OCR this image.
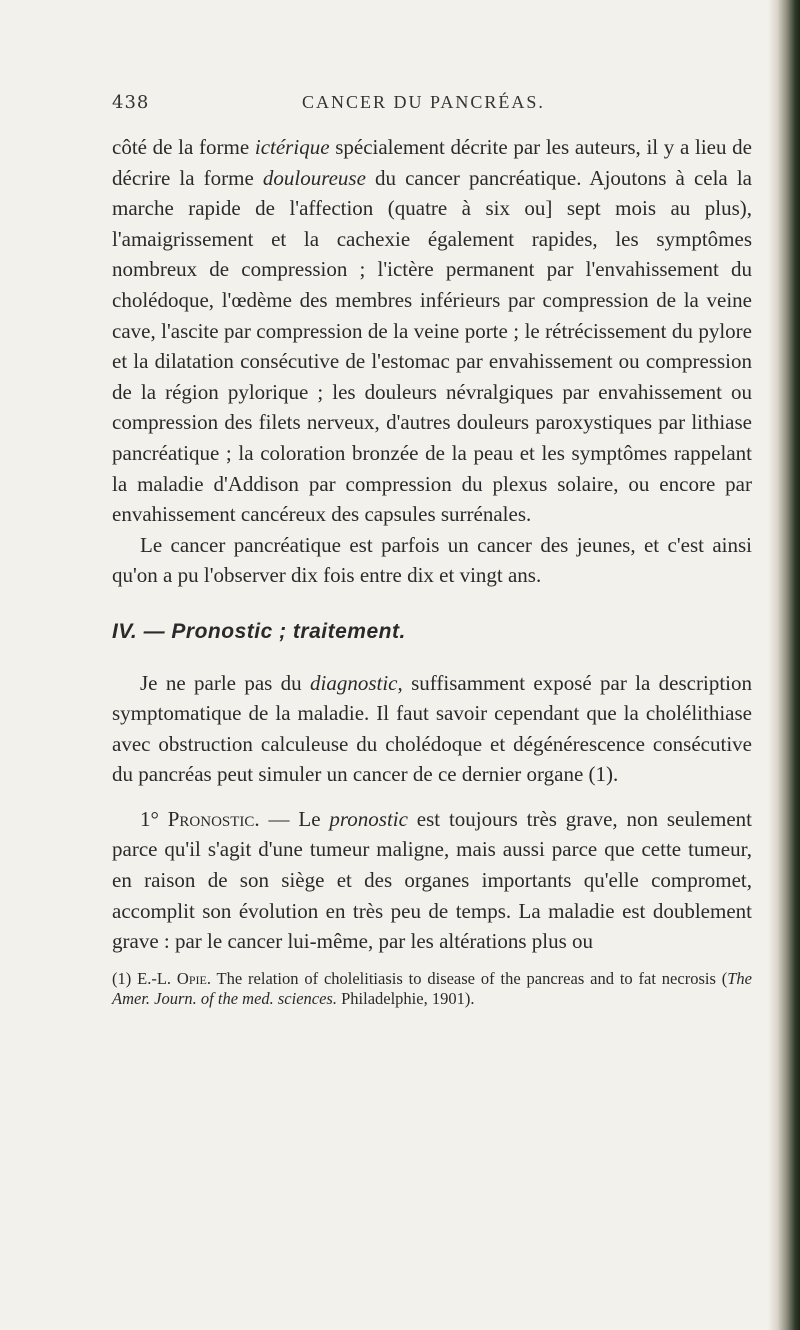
438	CANCER DU PANCRÉAS.

côté de la forme ictérique spécialement décrite par les auteurs, il y a lieu de décrire la forme douloureuse du cancer pancréatique. Ajoutons à cela la marche rapide de l'affection (quatre à six ou] sept mois au plus), l'amaigrissement et la cachexie également rapides, les symptômes nombreux de compression ; l'ictère permanent par l'envahissement du cholédoque, l'œdème des membres inférieurs par compression de la veine cave, l'ascite par compression de la veine porte ; le rétrécissement du pylore et la dilatation consécutive de l'estomac par envahissement ou compression de la région pylorique ; les douleurs névralgiques par envahissement ou compression des filets nerveux, d'autres douleurs paroxystiques par lithiase pancréatique ; la coloration bronzée de la peau et les symptômes rappelant la maladie d'Addison par compression du plexus solaire, ou encore par envahissement cancéreux des capsules surrénales.

Le cancer pancréatique est parfois un cancer des jeunes, et c'est ainsi qu'on a pu l'observer dix fois entre dix et vingt ans.

IV. — Pronostic ; traitement.

Je ne parle pas du diagnostic, suffisamment exposé par la description symptomatique de la maladie. Il faut savoir cependant que la cholélithiase avec obstruction calculeuse du cholédoque et dégénérescence consécutive du pancréas peut simuler un cancer de ce dernier organe (1).

1° Pronostic. — Le pronostic est toujours très grave, non seulement parce qu'il s'agit d'une tumeur maligne, mais aussi parce que cette tumeur, en raison de son siège et des organes importants qu'elle compromet, accomplit son évolution en très peu de temps. La maladie est doublement grave : par le cancer lui-même, par les altérations plus ou

(1) E.-L. Opie. The relation of cholelitiasis to disease of the pancreas and to fat necrosis (The Amer. Journ. of the med. sciences. Philadelphie, 1901).
